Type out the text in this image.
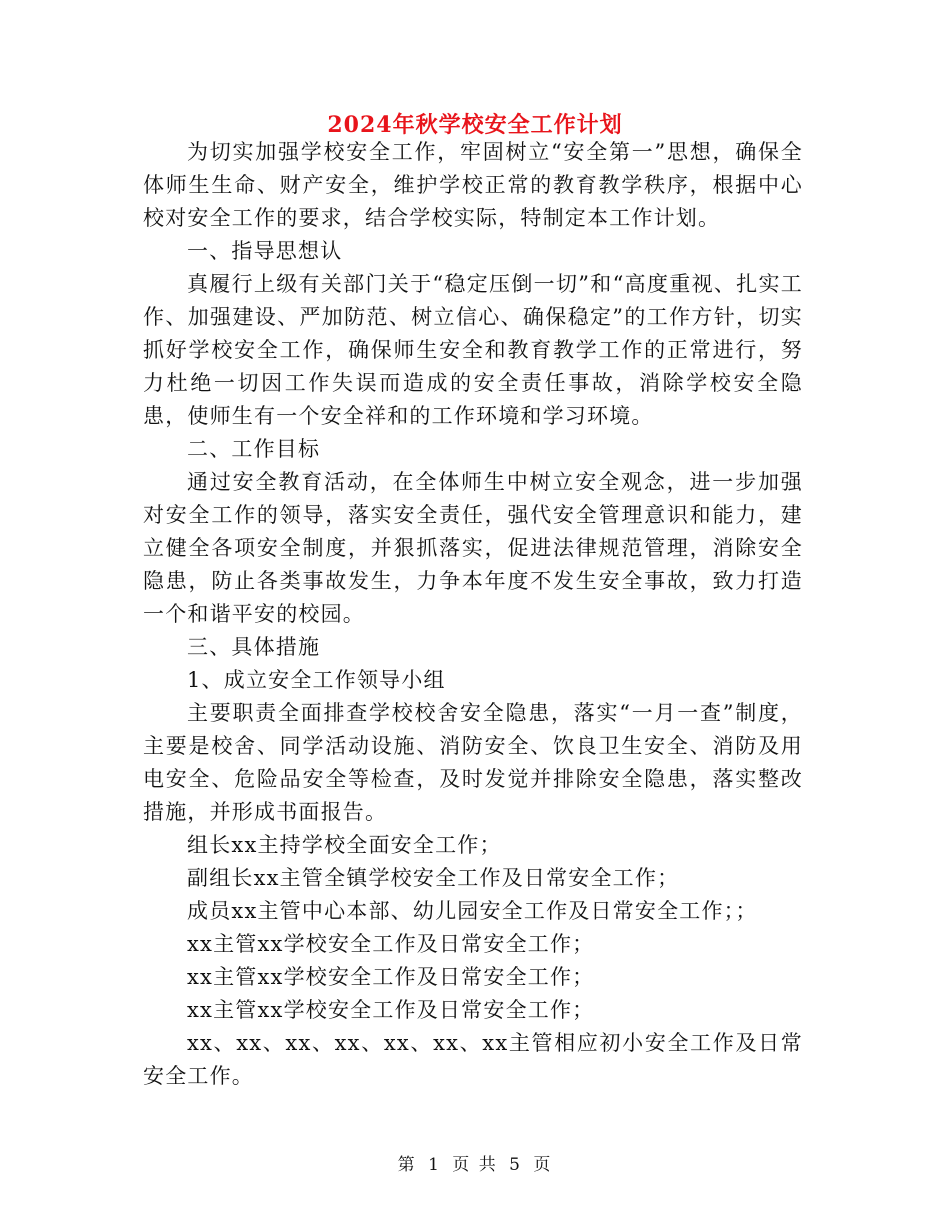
2024年秋学校安全工作计划

为切实加强学校安全工作，牢固树立“安全第一”思想，确保全体师生生命、财产安全，维护学校正常的教育教学秩序，根据中心校对安全工作的要求，结合学校实际，特制定本工作计划。

一、指导思想认

真履行上级有关部门关于“稳定压倒一切”和“高度重视、扎实工作、加强建设、严加防范、树立信心、确保稳定”的工作方针，切实抓好学校安全工作，确保师生安全和教育教学工作的正常进行，努力杜绝一切因工作失误而造成的安全责任事故，消除学校安全隐患，使师生有一个安全祥和的工作环境和学习环境。

二、工作目标

通过安全教育活动，在全体师生中树立安全观念，进一步加强对安全工作的领导，落实安全责任，强代安全管理意识和能力，建立健全各项安全制度，并狠抓落实，促进法律规范管理，消除安全隐患，防止各类事故发生，力争本年度不发生安全事故，致力打造一个和谐平安的校园。

三、具体措施

1、成立安全工作领导小组

主要职责全面排查学校校舍安全隐患，落实“一月一查”制度，主要是校舍、同学活动设施、消防安全、饮良卫生安全、消防及用电安全、危险品安全等检查，及时发觉并排除安全隐患，落实整改措施，并形成书面报告。

组长xx主持学校全面安全工作；

副组长xx主管全镇学校安全工作及日常安全工作；

成员xx主管中心本部、幼儿园安全工作及日常安全工作；；

xx主管xx学校安全工作及日常安全工作；

xx主管xx学校安全工作及日常安全工作；

xx主管xx学校安全工作及日常安全工作；

xx、xx、xx、xx、xx、xx、xx主管相应初小安全工作及日常安全工作。

第 1 页 共 5 页
